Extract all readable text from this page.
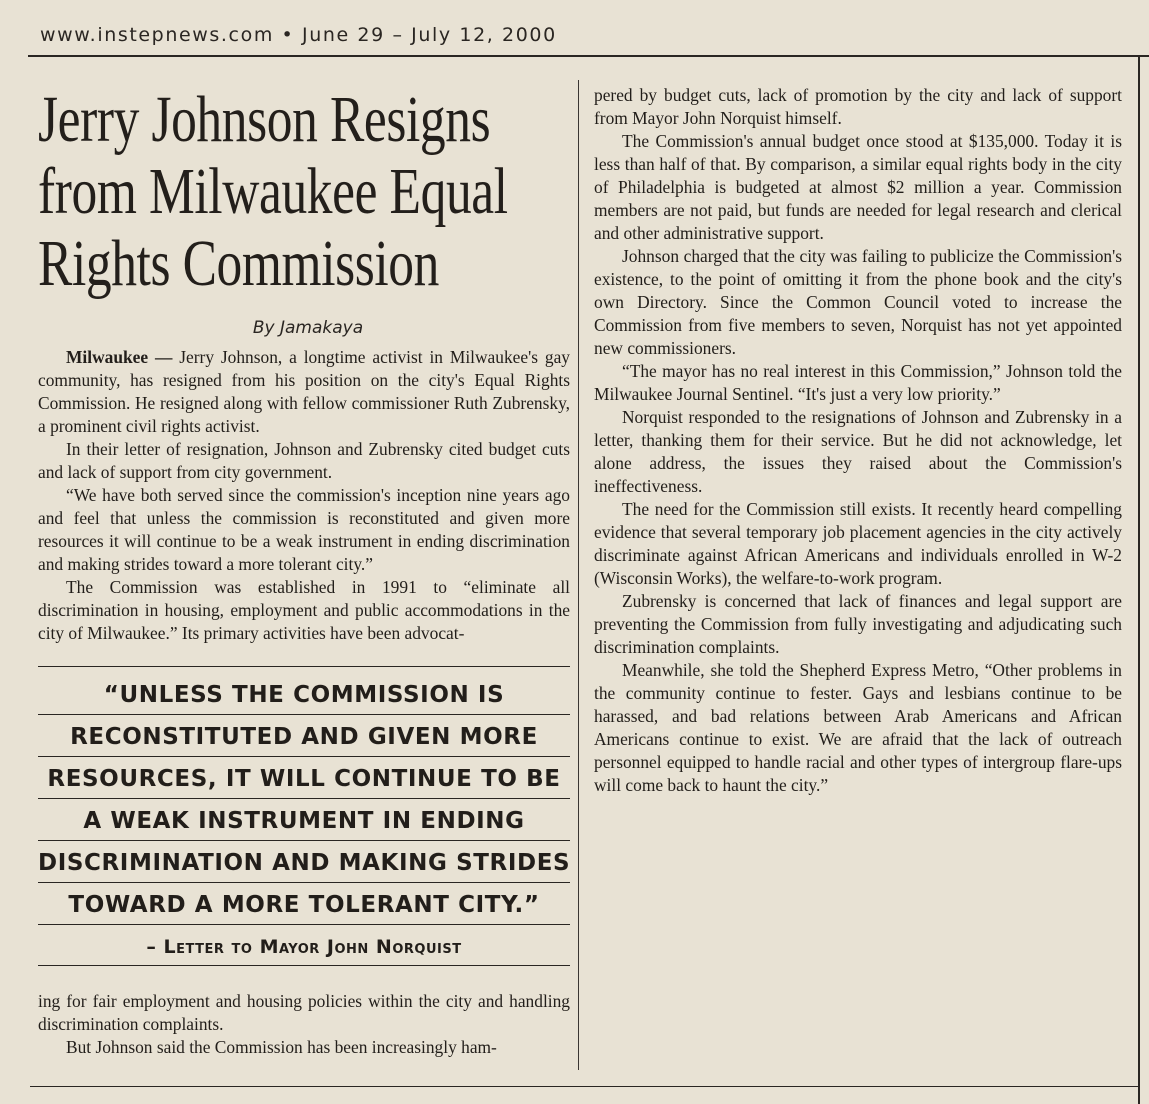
www.instepnews.com • June 29 – July 12, 2000
Jerry Johnson Resigns
from Milwaukee Equal
Rights Commission
By Jamakaya

Milwaukee — Jerry Johnson, a longtime activist in Milwaukee's gay community, has resigned from his position on the city's Equal Rights Commission. He resigned along with fellow commissioner Ruth Zubrensky, a prominent civil rights activist.

In their letter of resignation, Johnson and Zubrensky cited budget cuts and lack of support from city government.

“We have both served since the commission's inception nine years ago and feel that unless the commission is reconstituted and given more resources it will continue to be a weak instrument in ending discrimination and making strides toward a more tolerant city.”

The Commission was established in 1991 to “eliminate all discrimination in housing, employment and public accommodations in the city of Milwaukee.” Its primary activities have been advocat-

“UNLESS THE COMMISSION IS
RECONSTITUTED AND GIVEN MORE
RESOURCES, IT WILL CONTINUE TO BE
A WEAK INSTRUMENT IN ENDING
DISCRIMINATION AND MAKING STRIDES
TOWARD A MORE TOLERANT CITY.”
– Letter to Mayor John Norquist

ing for fair employment and housing policies within the city and handling discrimination complaints.

But Johnson said the Commission has been increasingly ham-

pered by budget cuts, lack of promotion by the city and lack of support from Mayor John Norquist himself.

The Commission's annual budget once stood at $135,000. Today it is less than half of that. By comparison, a similar equal rights body in the city of Philadelphia is budgeted at almost $2 million a year. Commission members are not paid, but funds are needed for legal research and clerical and other administrative support.

Johnson charged that the city was failing to publicize the Commission's existence, to the point of omitting it from the phone book and the city's own Directory. Since the Common Council voted to increase the Commission from five members to seven, Norquist has not yet appointed new commissioners.

“The mayor has no real interest in this Commission,” Johnson told the Milwaukee Journal Sentinel. “It's just a very low priority.”

Norquist responded to the resignations of Johnson and Zubrensky in a letter, thanking them for their service. But he did not acknowledge, let alone address, the issues they raised about the Commission's ineffectiveness.

The need for the Commission still exists. It recently heard compelling evidence that several temporary job placement agencies in the city actively discriminate against African Americans and individuals enrolled in W-2 (Wisconsin Works), the welfare-to-work program.

Zubrensky is concerned that lack of finances and legal support are preventing the Commission from fully investigating and adjudicating such discrimination complaints.

Meanwhile, she told the Shepherd Express Metro, “Other problems in the community continue to fester. Gays and lesbians continue to be harassed, and bad relations between Arab Americans and African Americans continue to exist. We are afraid that the lack of outreach personnel equipped to handle racial and other types of intergroup flare-ups will come back to haunt the city.”
